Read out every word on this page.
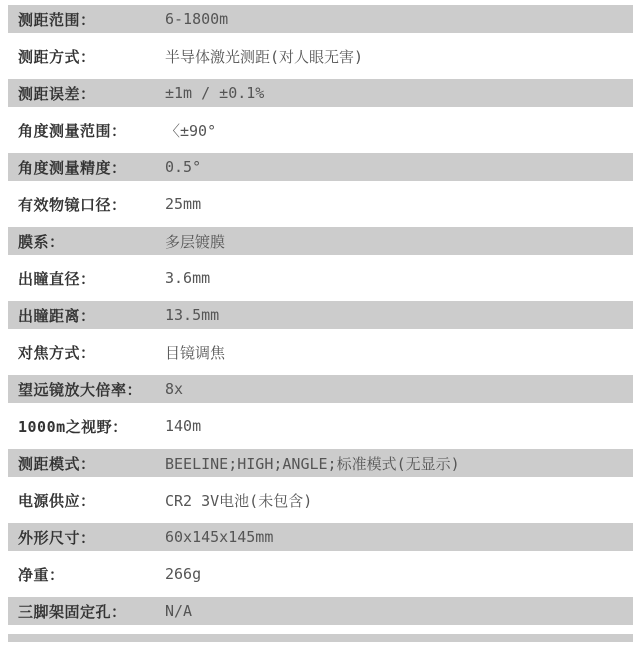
测距范围：	6-1800m
测距方式：	半导体激光测距(对人眼无害)
测距误差：	±1m / ±0.1%
角度测量范围：	〈±90°
角度测量精度：	0.5°
有效物镜口径：	25mm
膜系：	多层镀膜
出瞳直径：	3.6mm
出瞳距离：	13.5mm
对焦方式：	目镜调焦
望远镜放大倍率：	8x
1000m之视野：	140m
测距模式：	BEELINE;HIGH;ANGLE;标准模式(无显示)
电源供应：	CR2 3V电池(未包含)
外形尺寸：	60x145x145mm
净重：	266g
三脚架固定孔：	N/A
